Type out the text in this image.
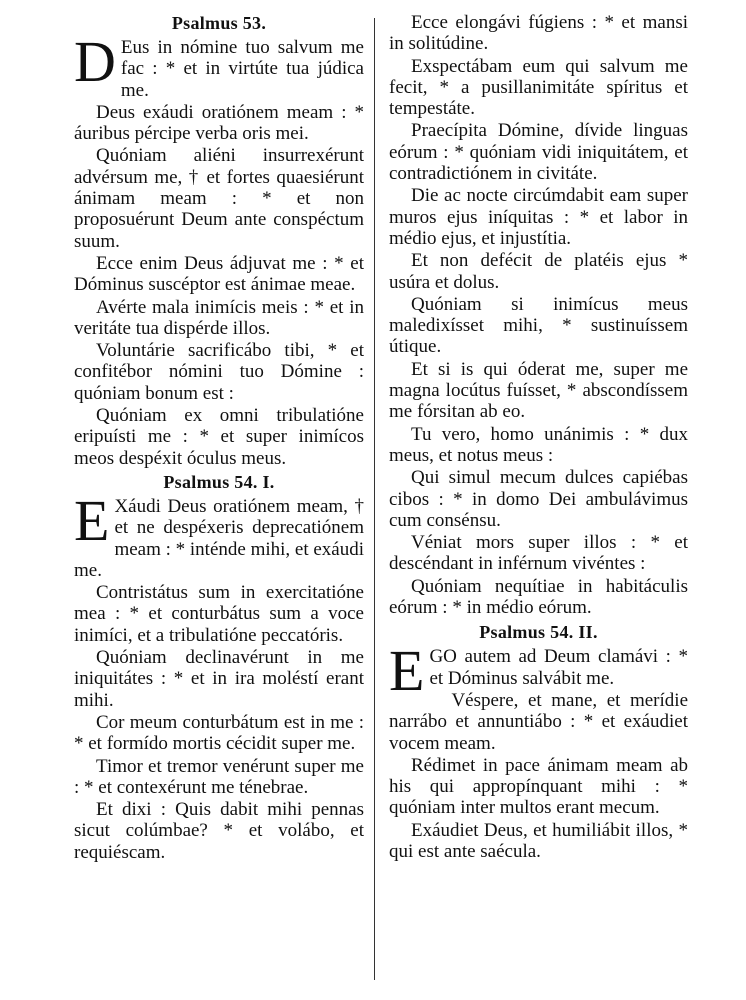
Psalmus 53.

D Eus in nómine tuo salvum me fac : * et in virtúte tua júdica me.

Deus exáudi oratiónem meam : * áuribus pércipe verba oris mei.

Quóniam aliéni insurrexérunt advérsum me, † et fortes quaesiérunt ánimam meam : * et non proposuérunt Deum ante conspéctum suum.

Ecce enim Deus ádjuvat me : * et Dóminus suscéptor est ánimae meae.

Avérte mala inimícis meis : * et in veritáte tua dispérde illos.

Voluntárie sacrificábo tibi, * et confitébor nómini tuo Dómine : quóniam bonum est :

Quóniam ex omni tribulatióne eripuísti me : * et super inimícos meos despéxit óculus meus.

Psalmus 54. I.

E Xáudi Deus oratiónem meam, † et ne despéxeris deprecatiónem meam : * inténde mihi, et exáudi me.

Contristátus sum in exercitatióne mea : * et conturbátus sum a voce inimíci, et a tribulatióne peccatóris.

Quóniam declinavérunt in me iniquitátes : * et in ira moléstí erant mihi.

Cor meum conturbátum est in me : * et formído mortis cécidit super me.

Timor et tremor venérunt super me : * et contexérunt me ténebrae.

Et dixi : Quis dabit mihi pennas sicut colúmbae? * et volábo, et requiéscam.

Ecce elongávi fúgiens : * et mansi in solitúdine.

Exspectábam eum qui salvum me fecit, * a pusillanimitáte spíritus et tempestáte.

Praecípita Dómine, dívide linguas eórum : * quóniam vidi iniquitátem, et contradictiónem in civitáte.

Die ac nocte circúmdabit eam super muros ejus iníquitas : * et labor in médio ejus, et injustítia.

Et non defécit de platéis ejus * usúra et dolus.

Quóniam si inimícus meus maledixísset mihi, * sustinuíssem útique.

Et si is qui óderat me, super me magna locútus fuísset, * abscondíssem me fórsitan ab eo.

Tu vero, homo unánimis : * dux meus, et notus meus :

Qui simul mecum dulces capiébas cibos : * in domo Dei ambulávimus cum consénsu.

Véniat mors super illos : * et descéndant in inférnum vivéntes :

Quóniam nequítiae in habitáculis eórum : * in médio eórum.

Psalmus 54. II.

EGO autem ad Deum clamávi : * et Dóminus salvábit me.

Véspere, et mane, et merídie narrábo et annuntiábo : * et exáudiet vocem meam.

Rédimet in pace ánimam meam ab his qui appropínquant mihi : * quóniam inter multos erant mecum.

Exáudiet Deus, et humiliábit illos, * qui est ante saécula.
